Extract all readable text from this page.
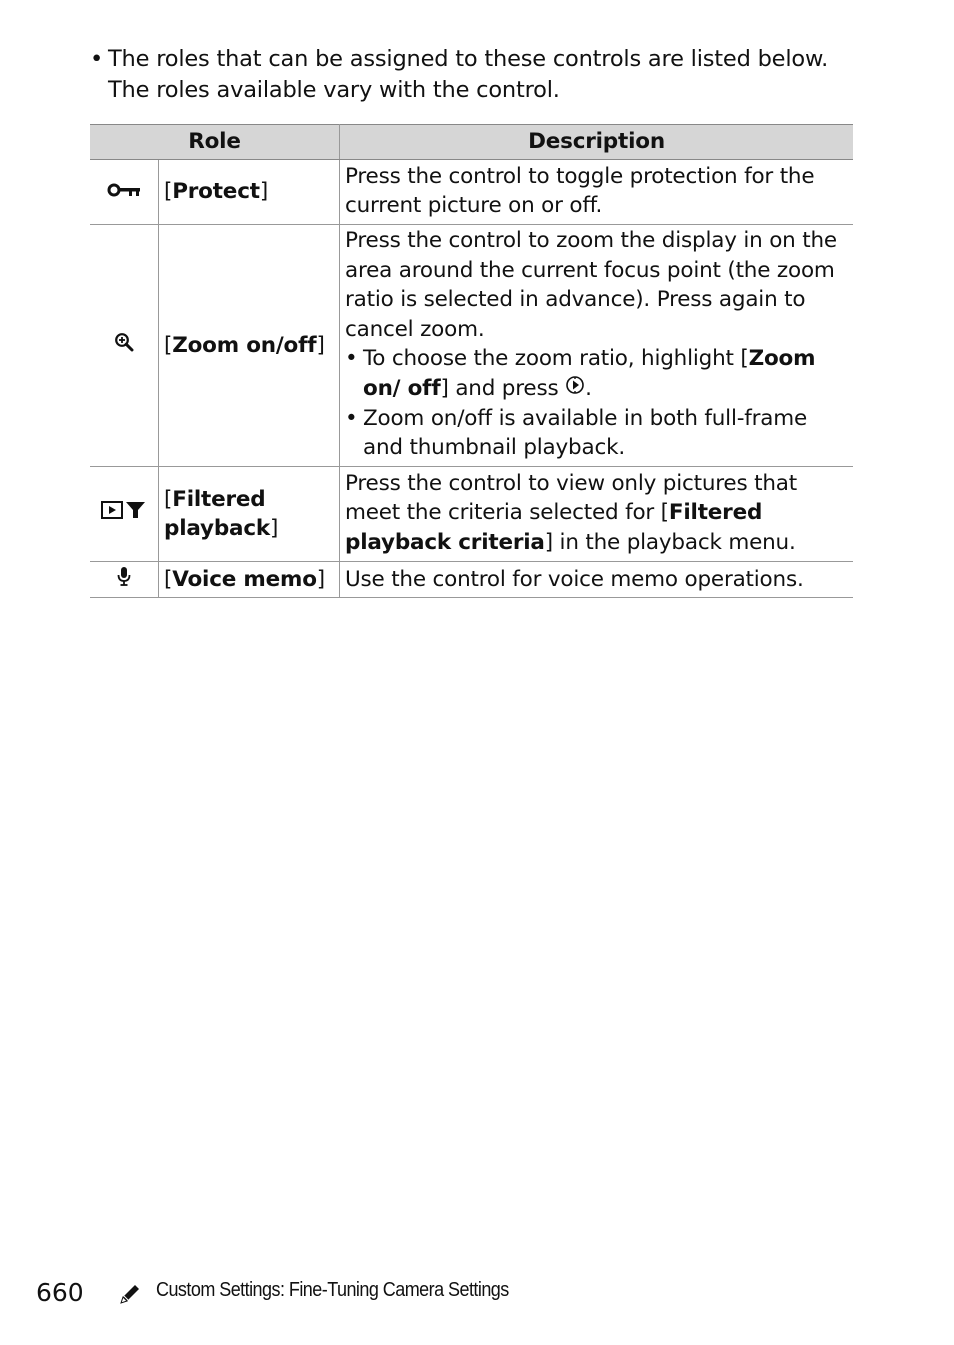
• The roles that can be assigned to these controls are listed below. The roles available vary with the control.
Role		Description
	[Protect]	Press the control to toggle protection for the current picture on or off.

	[Zoom on/off]	Press the control to zoom the display in on the area around the current focus point (the zoom ratio is selected in advance). Press again to cancel zoom.
• To choose the zoom ratio, highlight [Zoom on/ off] and press .
• Zoom on/off is available in both full-frame and thumbnail playback.

	[Filtered playback]	Press the control to view only pictures that meet the criteria selected for [Filtered playback criteria] in the playback menu.

	[Voice memo]	Use the control for voice memo operations.
660	Custom Settings: Fine-Tuning Camera Settings
